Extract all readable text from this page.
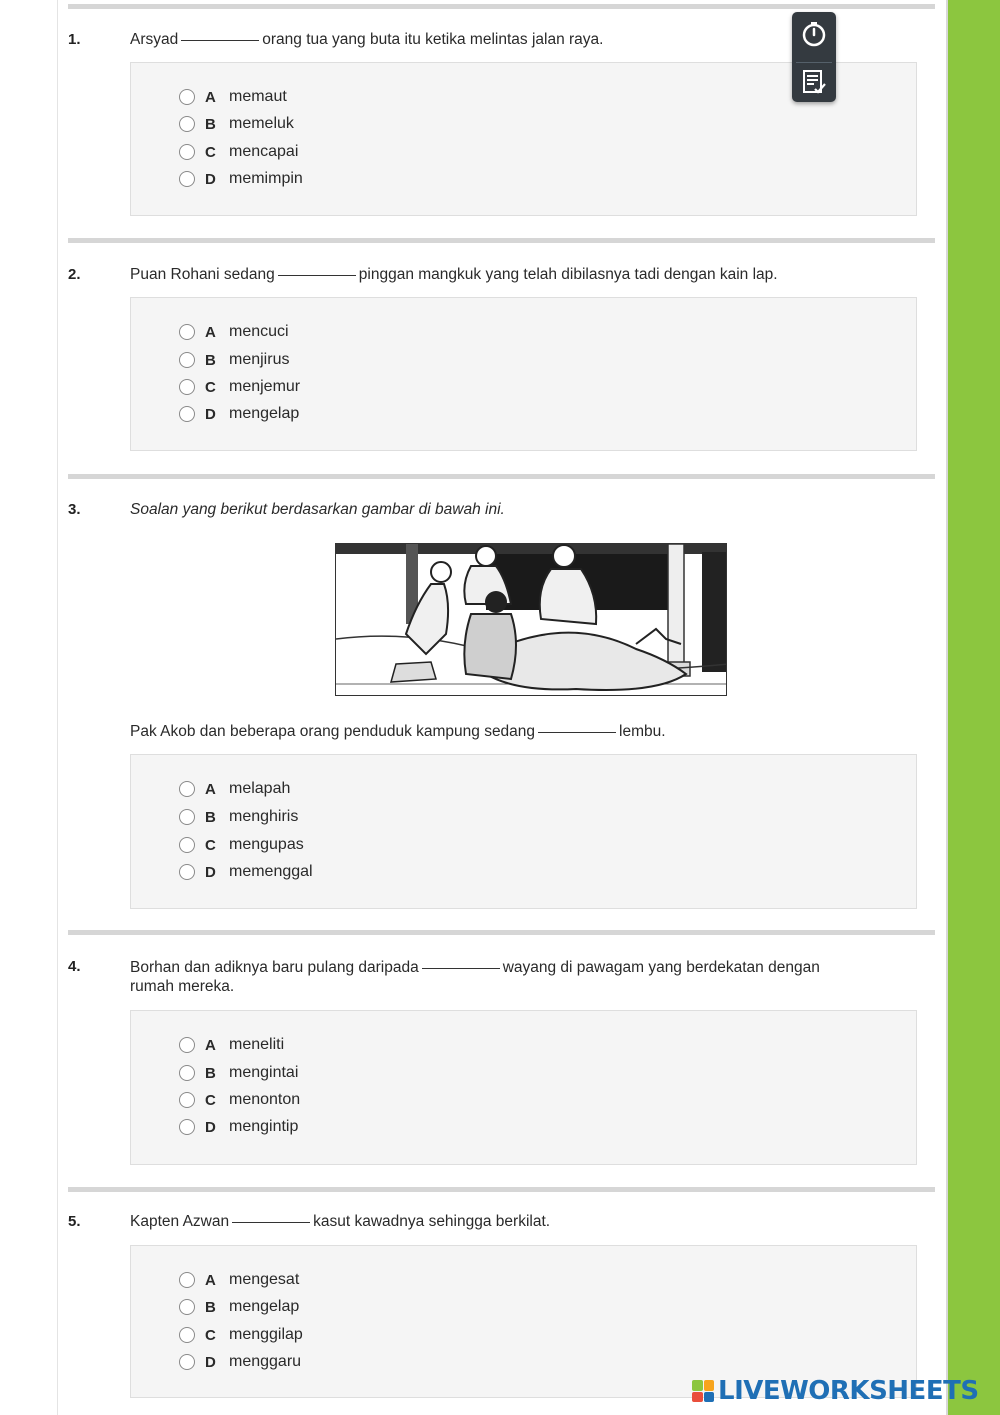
1.	Arsyad	orang tua yang buta itu ketika melintas jalan raya.
A memaut
B memeluk
C mencapai
D memimpin
2.	Puan Rohani sedang	pinggan mangkuk yang telah dibilasnya tadi dengan kain lap.
A mencuci
B menjirus
C menjemur
D mengelap
3.	Soalan yang berikut berdasarkan gambar di bawah ini.
Pak Akob dan beberapa orang penduduk kampung sedang	lembu.
A melapah
B menghiris
C mengupas
D memenggal
4.	Borhan dan adiknya baru pulang daripada	wayang di pawagam yang berdekatan dengan
rumah mereka.
A meneliti
B mengintai
C menonton
D mengintip
5.	Kapten Azwan	kasut kawadnya sehingga berkilat.
A mengesat
B mengelap
C menggilap
D menggaru
LIVEWORKSHEETS
